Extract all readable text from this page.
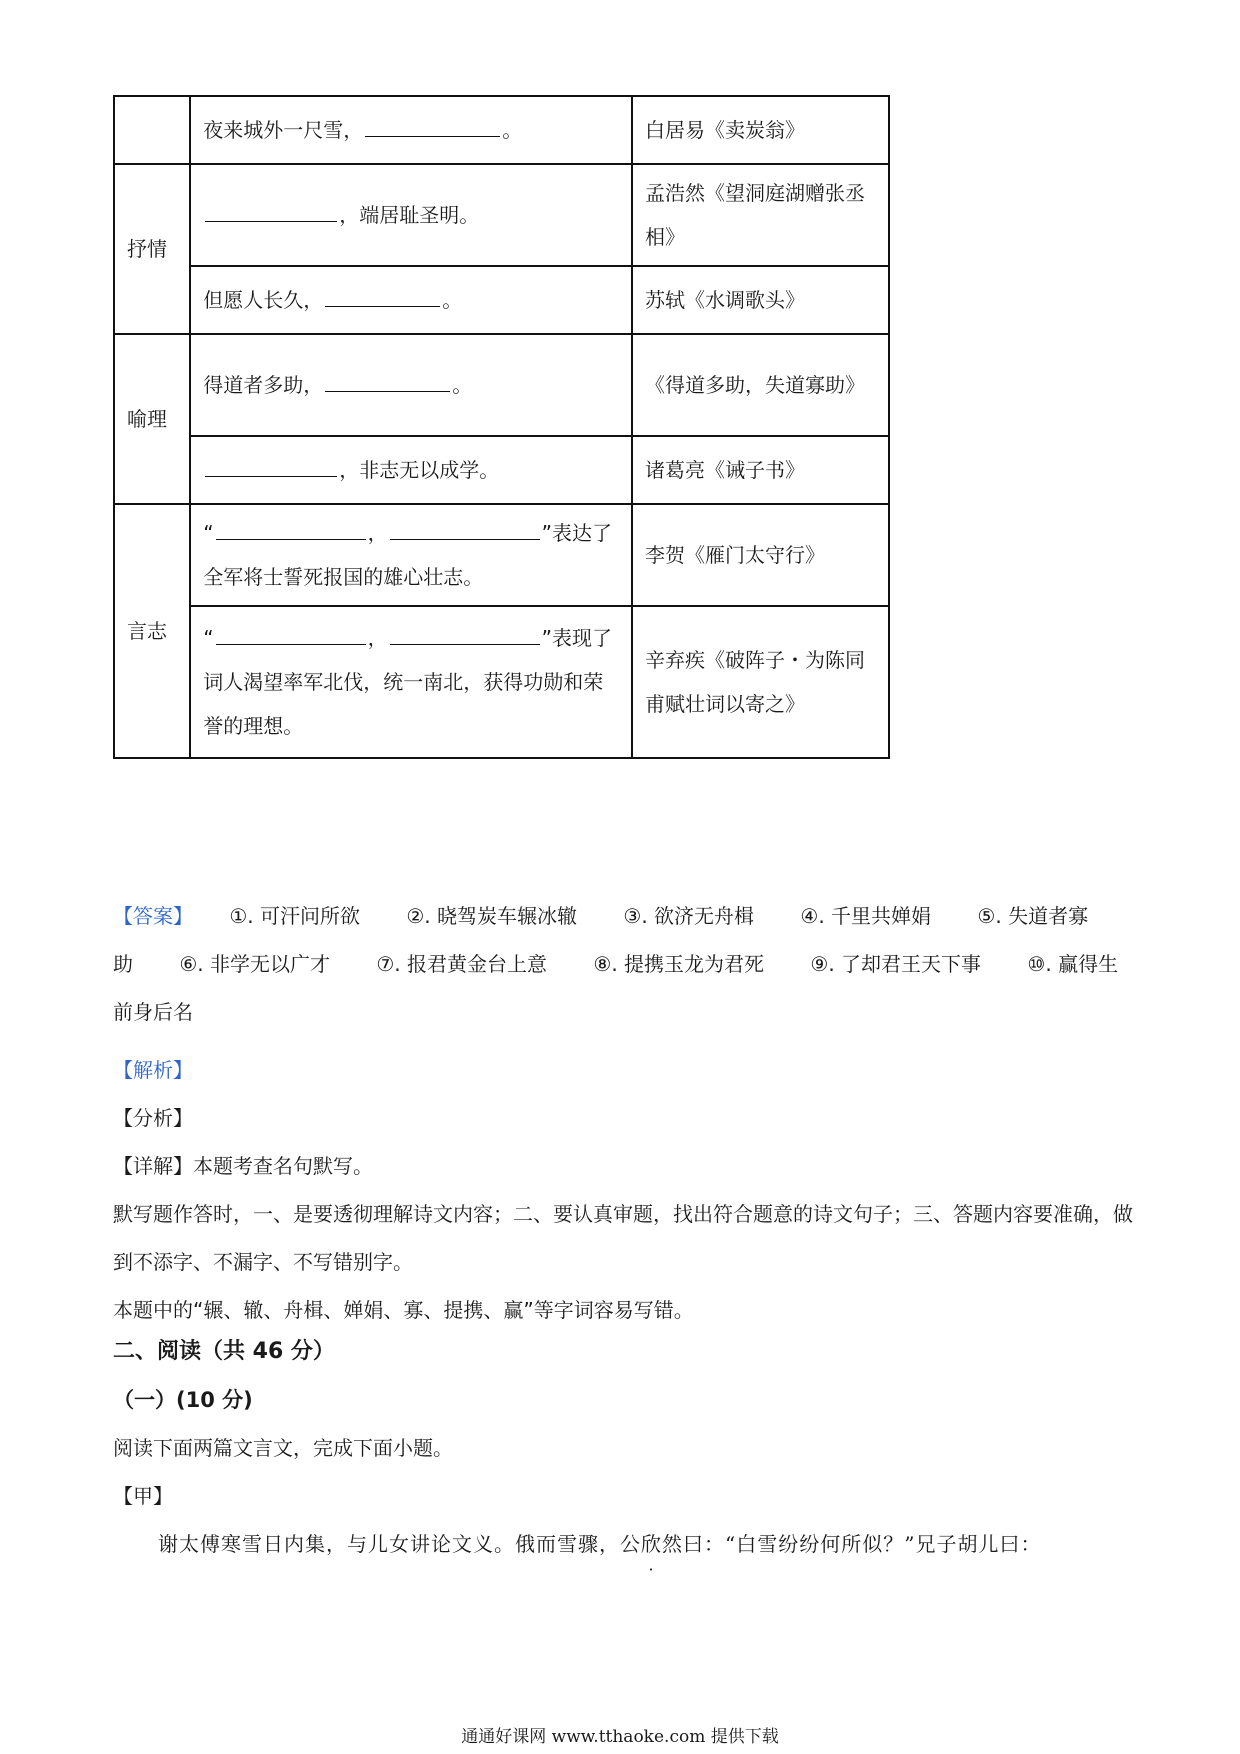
	夜来城外一尺雪， 。	白居易《卖炭翁》
抒情	，端居耻圣明。	孟浩然《望洞庭湖赠张丞相》
	但愿人长久， 。	苏轼《水调歌头》
喻理	得道者多助， 。	《得道多助，失道寡助》
	，非志无以成学。	诸葛亮《诫子书》
言志	“ ， ”表达了全军将士誓死报国的雄心壮志。	李贺《雁门太守行》
	“ ， ”表现了词人渴望率军北伐，统一南北，获得功勋和荣誉的理想。	辛弃疾《破阵子・为陈同甫赋壮词以寄之》
【答案】 ①. 可汗问所欲 ②. 晓驾炭车辗冰辙 ③. 欲济无舟楫 ④. 千里共婵娟 ⑤. 失道者寡助 ⑥. 非学无以广才 ⑦. 报君黄金台上意 ⑧. 提携玉龙为君死 ⑨. 了却君王天下事 ⑩. 赢得生前身后名
【解析】
【分析】
【详解】本题考查名句默写。
默写题作答时，一、是要透彻理解诗文内容；二、要认真审题，找出符合题意的诗文句子；三、答题内容要准确，做到不添字、不漏字、不写错别字。
本题中的“辗、辙、舟楫、婵娟、寡、提携、赢”等字词容易写错。
二、阅读（共 46 分）
（一）(10 分)
阅读下面两篇文言文，完成下面小题。
【甲】
谢太傅寒雪日内集，与儿女讲论文义。俄而雪骤，公欣然曰：“白雪纷纷何所似？”兄子胡儿曰：
通通好课网 www.tthaoke.com 提供下载
